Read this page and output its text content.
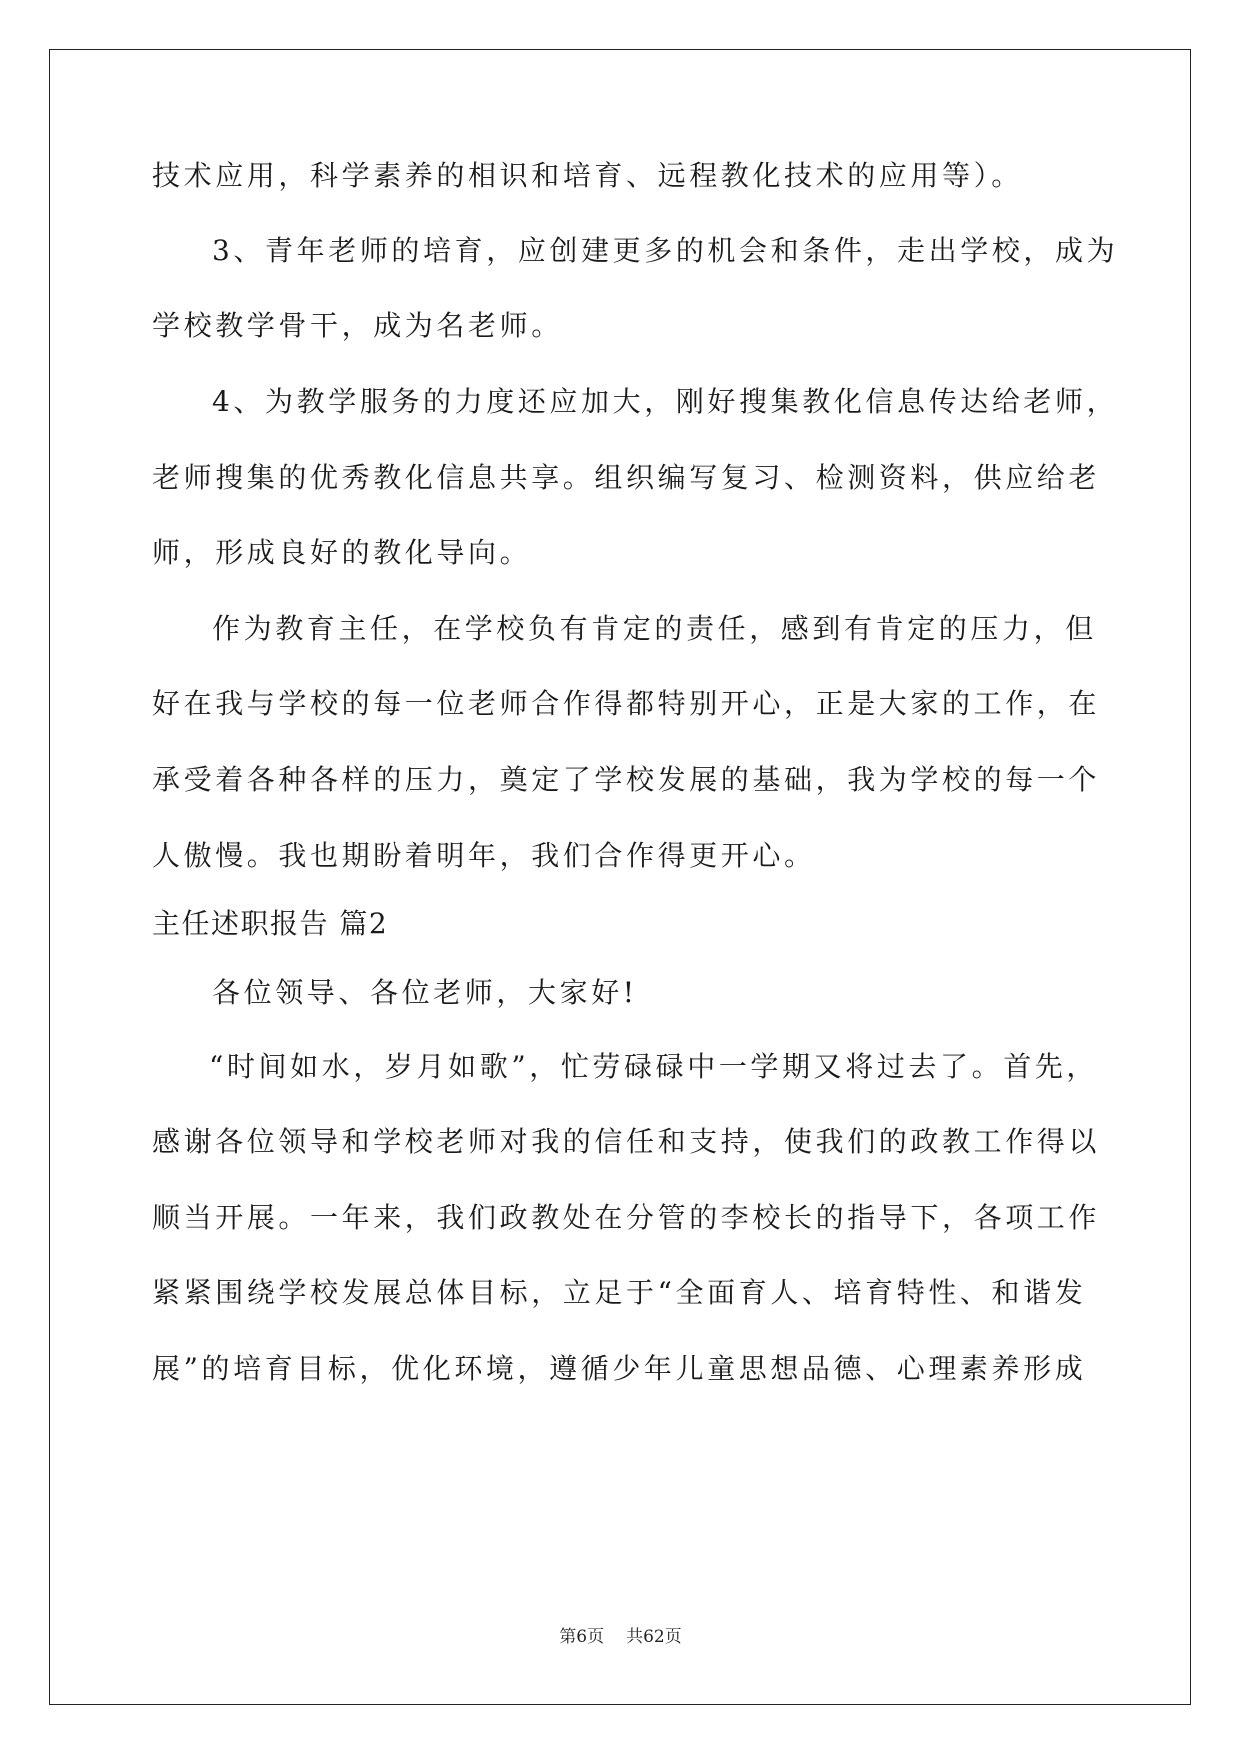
技术应用，科学素养的相识和培育、远程教化技术的应用等）。
3、青年老师的培育，应创建更多的机会和条件，走出学校，成为
学校教学骨干，成为名老师。
4、为教学服务的力度还应加大，刚好搜集教化信息传达给老师，
老师搜集的优秀教化信息共享。组织编写复习、检测资料，供应给老
师，形成良好的教化导向。
作为教育主任，在学校负有肯定的责任，感到有肯定的压力，但
好在我与学校的每一位老师合作得都特别开心，正是大家的工作，在
承受着各种各样的压力，奠定了学校发展的基础，我为学校的每一个
人傲慢。我也期盼着明年，我们合作得更开心。
主任述职报告 篇2
各位领导、各位老师，大家好!
“时间如水，岁月如歌”，忙劳碌碌中一学期又将过去了。首先，
感谢各位领导和学校老师对我的信任和支持，使我们的政教工作得以
顺当开展。一年来，我们政教处在分管的李校长的指导下，各项工作
紧紧围绕学校发展总体目标，立足于“全面育人、培育特性、和谐发
展”的培育目标，优化环境，遵循少年儿童思想品德、心理素养形成
第6页 共62页
